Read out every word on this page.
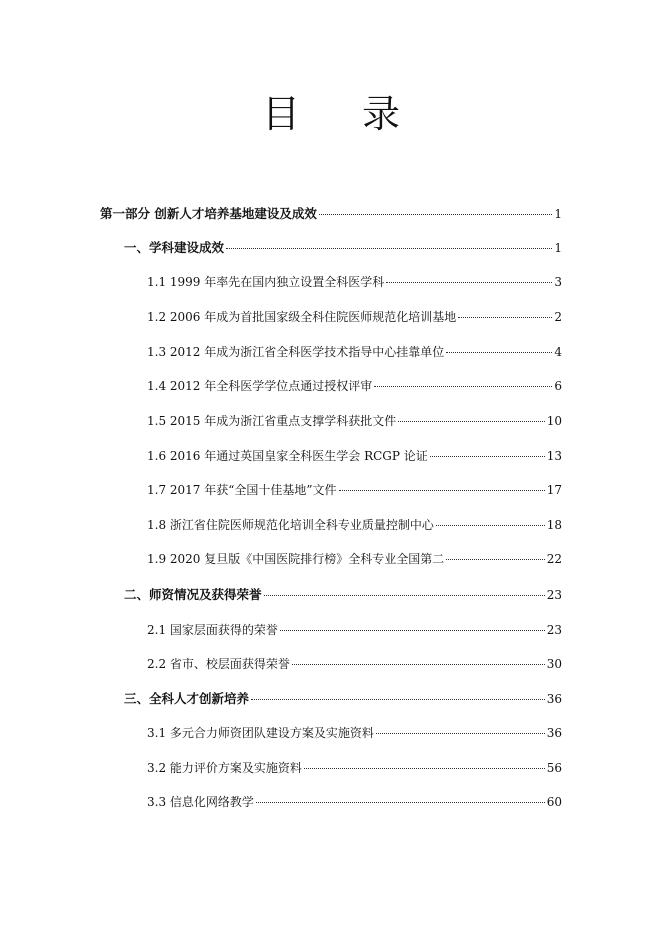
目录
第一部分 创新人才培养基地建设及成效	1
一、学科建设成效	1
1.1 1999 年率先在国内独立设置全科医学科	3
1.2 2006 年成为首批国家级全科住院医师规范化培训基地	2
1.3 2012 年成为浙江省全科医学技术指导中心挂靠单位	4
1.4 2012 年全科医学学位点通过授权评审	6
1.5 2015 年成为浙江省重点支撑学科获批文件	10
1.6 2016 年通过英国皇家全科医生学会 RCGP 论证	13
1.7 2017 年获“全国十佳基地”文件	17
1.8 浙江省住院医师规范化培训全科专业质量控制中心	18
1.9 2020 复旦版《中国医院排行榜》全科专业全国第二	22
二、师资情况及获得荣誉	23
2.1 国家层面获得的荣誉	23
2.2 省市、校层面获得荣誉	30
三、全科人才创新培养	36
3.1 多元合力师资团队建设方案及实施资料	36
3.2 能力评价方案及实施资料	56
3.3 信息化网络教学	60
